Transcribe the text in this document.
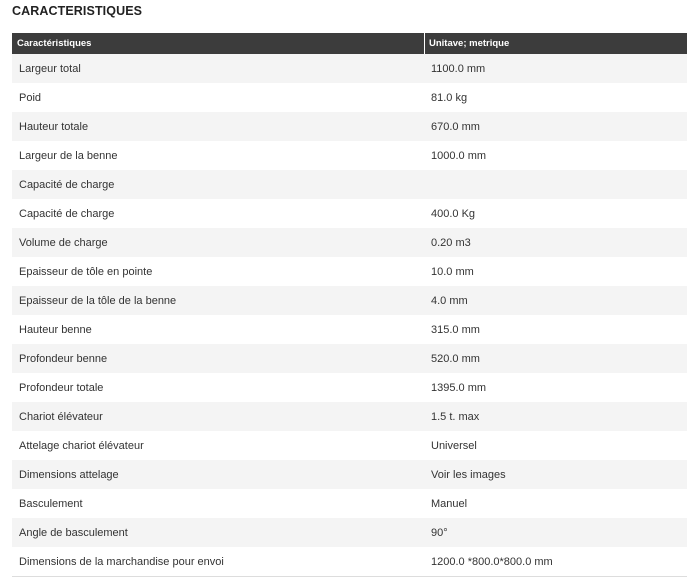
CARACTERISTIQUES
Caractéristiques	Unitave; metrique
Largeur total	1100.0 mm
Poid	81.0 kg
Hauteur totale	670.0 mm
Largeur de la benne	1000.0 mm
Capacité de charge
Capacité de charge	400.0 Kg
Volume de charge	0.20 m3
Epaisseur de tôle en pointe	10.0 mm
Epaisseur de la tôle de la benne	4.0 mm
Hauteur benne	315.0 mm
Profondeur benne	520.0 mm
Profondeur totale	1395.0 mm
Chariot élévateur	1.5 t. max
Attelage chariot élévateur	Universel
Dimensions attelage	Voir les images
Basculement	Manuel
Angle de basculement	90°
Dimensions de la marchandise pour envoi	1200.0 *800.0*800.0 mm
